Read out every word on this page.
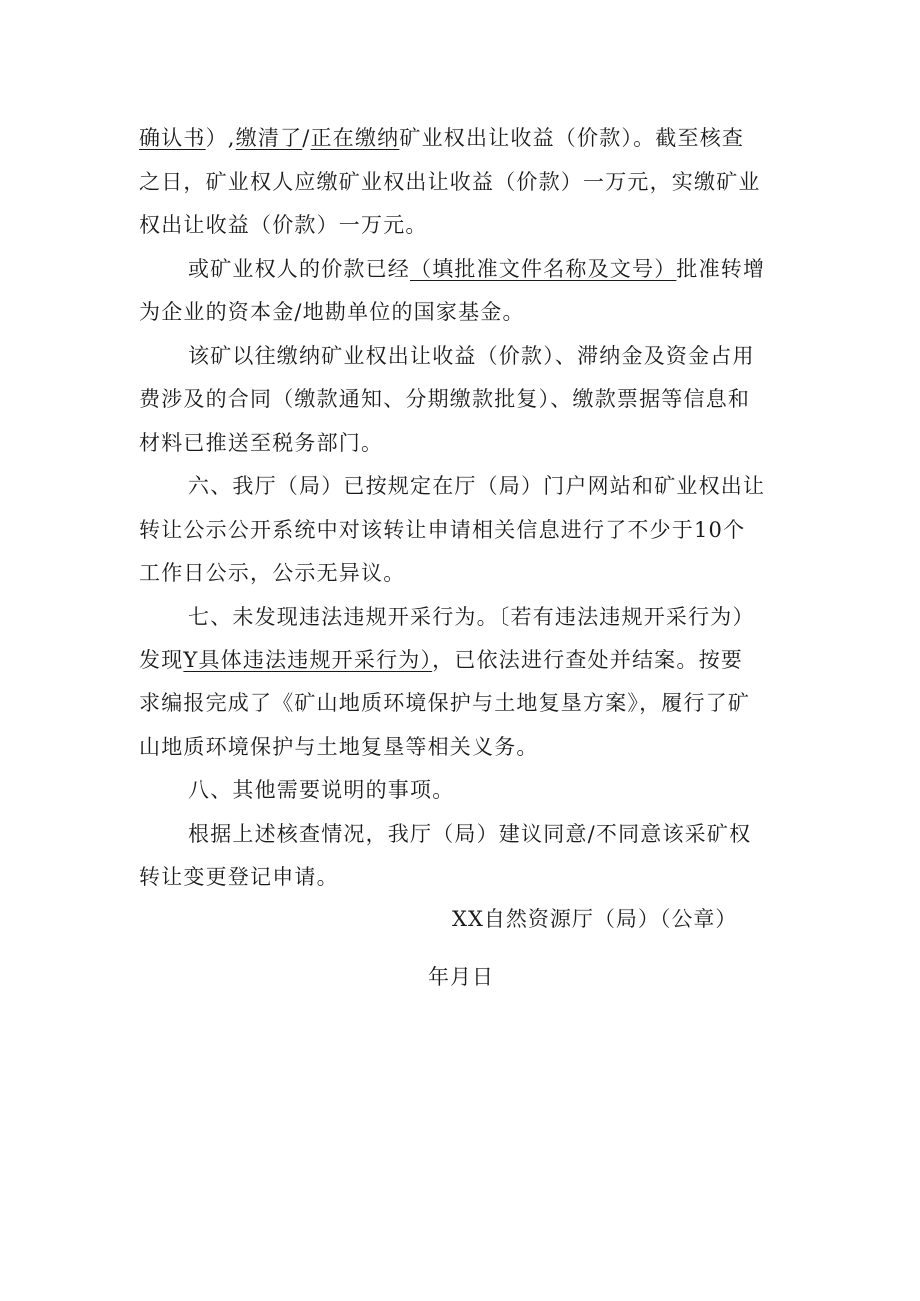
确认书）,缴清了/正在缴纳矿业权出让收益（价款）。截至核查
之日，矿业权人应缴矿业权出让收益（价款）一万元，实缴矿业
权出让收益（价款）一万元。
或矿业权人的价款已经（填批准文件名称及文号）批准转增
为企业的资本金/地勘单位的国家基金。
该矿以往缴纳矿业权出让收益（价款）、滞纳金及资金占用
费涉及的合同（缴款通知、分期缴款批复）、缴款票据等信息和
材料已推送至税务部门。
六、我厅（局）已按规定在厅（局）门户网站和矿业权出让
转让公示公开系统中对该转让申请相关信息进行了不少于10个
工作日公示，公示无异议。
七、未发现违法违规开采行为。〔若有违法违规开采行为）
发现Y具体违法违规开采行为），已依法进行查处并结案。按要
求编报完成了《矿山地质环境保护与土地复垦方案》，履行了矿
山地质环境保护与土地复垦等相关义务。
八、其他需要说明的事项。
根据上述核查情况，我厅（局）建议同意/不同意该采矿权
转让变更登记申请。
XX自然资源厅（局）（公章）
年月日
